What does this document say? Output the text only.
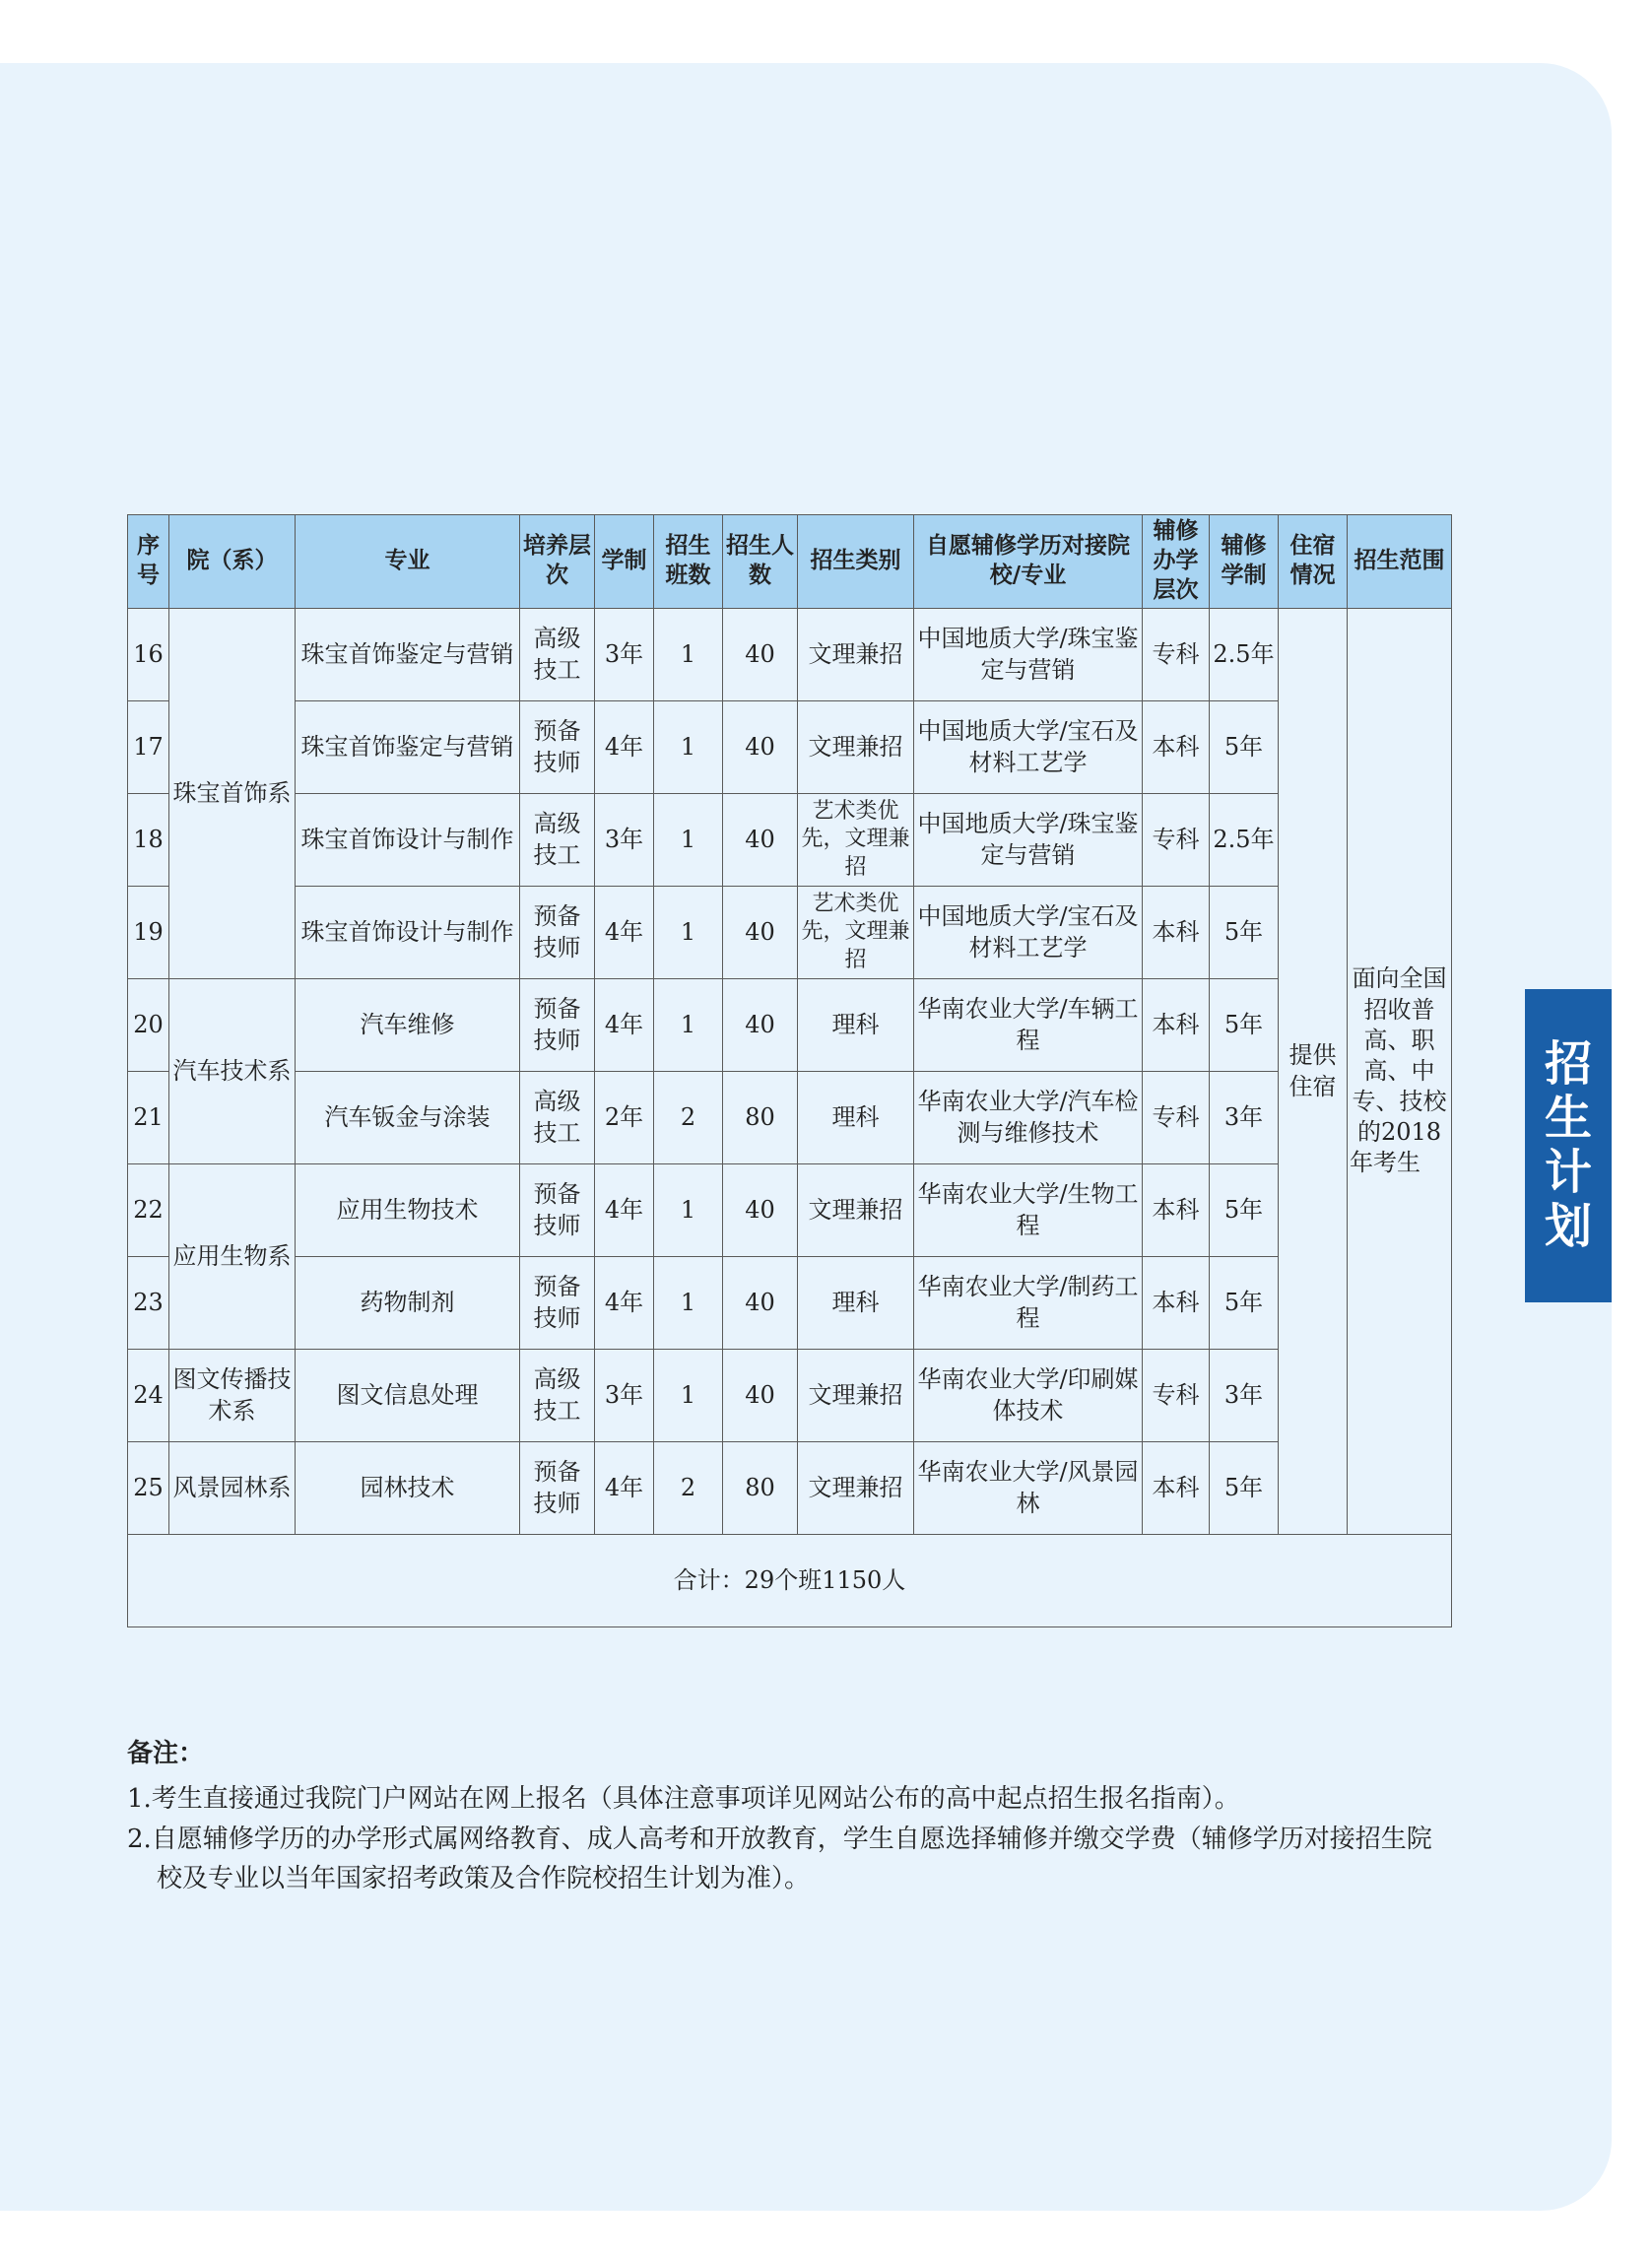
招
生
计
划
序号	院（系）	专业	培养层次	学制	招生班数	招生人数	招生类别	自愿辅修学历对接院校/专业	辅修办学层次	辅修学制	住宿情况	招生范围
16	珠宝首饰系	珠宝首饰鉴定与营销	高级技工	3年	1	40	文理兼招	中国地质大学/珠宝鉴定与营销	专科	2.5年	提供住宿	面向全国招收普高、职高、中专、技校的2018年考生
17		珠宝首饰鉴定与营销	预备技师	4年	1	40	文理兼招	中国地质大学/宝石及材料工艺学	本科	5年		
18		珠宝首饰设计与制作	高级技工	3年	1	40	艺术类优先，文理兼招	中国地质大学/珠宝鉴定与营销	专科	2.5年		
19		珠宝首饰设计与制作	预备技师	4年	1	40	艺术类优先，文理兼招	中国地质大学/宝石及材料工艺学	本科	5年		
20	汽车技术系	汽车维修	预备技师	4年	1	40	理科	华南农业大学/车辆工程	本科	5年		
21		汽车钣金与涂装	高级技工	2年	2	80	理科	华南农业大学/汽车检测与维修技术	专科	3年		
22	应用生物系	应用生物技术	预备技师	4年	1	40	文理兼招	华南农业大学/生物工程	本科	5年		
23		药物制剂	预备技师	4年	1	40	理科	华南农业大学/制药工程	本科	5年		
24	图文传播技术系	图文信息处理	高级技工	3年	1	40	文理兼招	华南农业大学/印刷媒体技术	专科	3年		
25	风景园林系	园林技术	预备技师	4年	2	80	文理兼招	华南农业大学/风景园林	本科	5年		
合计：29个班1150人												
备注：

1.考生直接通过我院门户网站在网上报名（具体注意事项详见网站公布的高中起点招生报名指南）。

2.自愿辅修学历的办学形式属网络教育、成人高考和开放教育，学生自愿选择辅修并缴交学费（辅修学历对接招生院校及专业以当年国家招考政策及合作院校招生计划为准）。
